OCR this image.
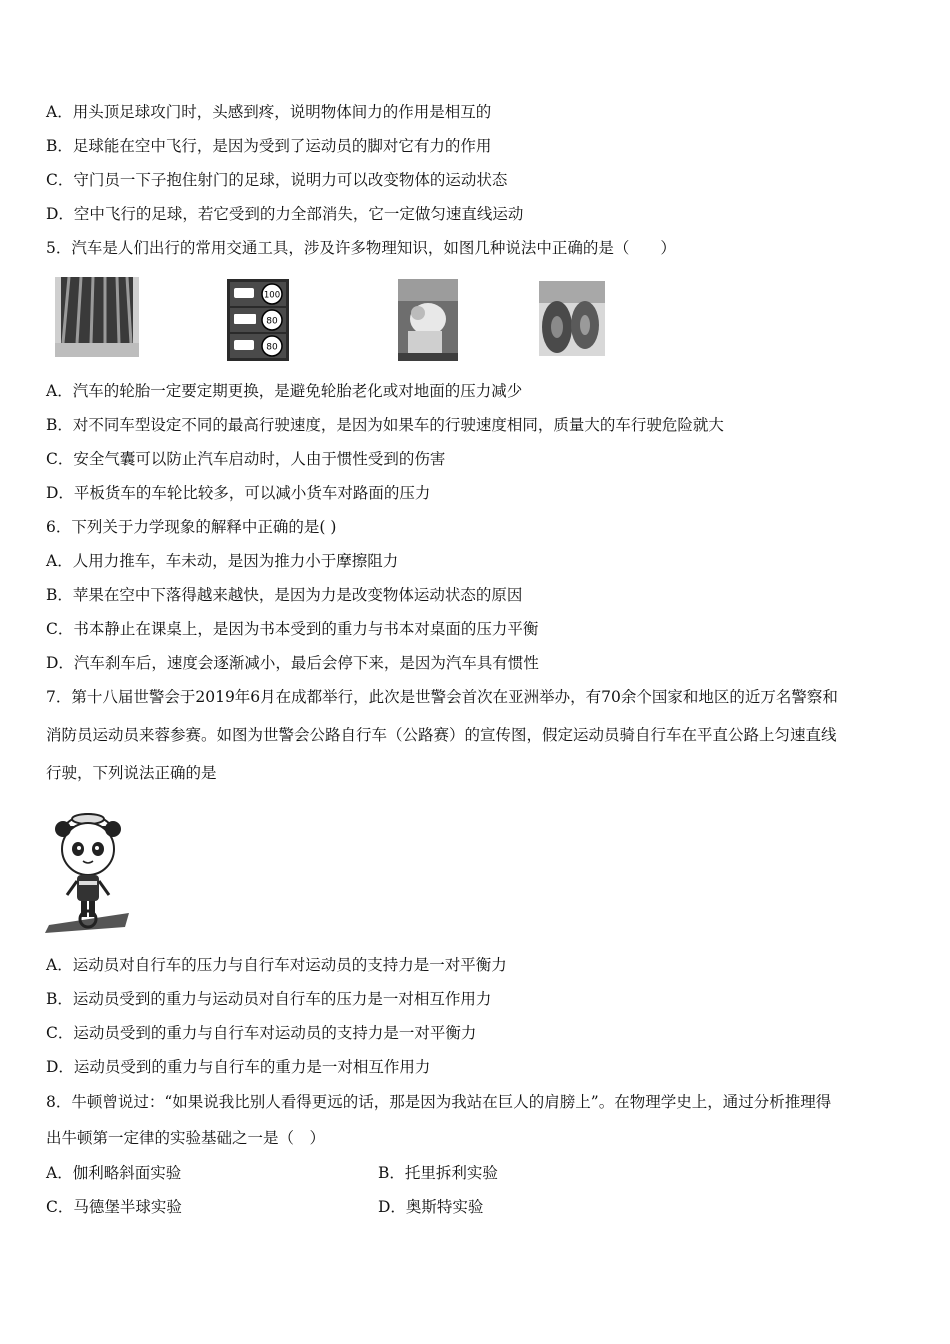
A．用头顶足球攻门时，头感到疼，说明物体间力的作用是相互的
B．足球能在空中飞行，是因为受到了运动员的脚对它有力的作用
C．守门员一下子抱住射门的足球，说明力可以改变物体的运动状态
D．空中飞行的足球，若它受到的力全部消失，它一定做匀速直线运动
5．汽车是人们出行的常用交通工具，涉及许多物理知识，如图几种说法中正确的是（　　）
100
80
80
A．汽车的轮胎一定要定期更换，是避免轮胎老化或对地面的压力减少
B．对不同车型设定不同的最高行驶速度，是因为如果车的行驶速度相同，质量大的车行驶危险就大
C．安全气囊可以防止汽车启动时，人由于惯性受到的伤害
D．平板货车的车轮比较多，可以减小货车对路面的压力
6．下列关于力学现象的解释中正确的是( )
A．人用力推车，车未动，是因为推力小于摩擦阻力
B．苹果在空中下落得越来越快，是因为力是改变物体运动状态的原因
C．书本静止在课桌上，是因为书本受到的重力与书本对桌面的压力平衡
D．汽车刹车后，速度会逐渐减小，最后会停下来，是因为汽车具有惯性
7．第十八届世警会于2019年6月在成都举行，此次是世警会首次在亚洲举办，有70余个国家和地区的近万名警察和
消防员运动员来蓉参赛。如图为世警会公路自行车（公路赛）的宣传图，假定运动员骑自行车在平直公路上匀速直线
行驶，下列说法正确的是
A．运动员对自行车的压力与自行车对运动员的支持力是一对平衡力
B．运动员受到的重力与运动员对自行车的压力是一对相互作用力
C．运动员受到的重力与自行车对运动员的支持力是一对平衡力
D．运动员受到的重力与自行车的重力是一对相互作用力
8．牛顿曾说过：“如果说我比别人看得更远的话，那是因为我站在巨人的肩膀上”。在物理学史上，通过分析推理得
出牛顿第一定律的实验基础之一是（　）
A．伽利略斜面实验	B．托里拆利实验
C．马德堡半球实验	D．奥斯特实验
